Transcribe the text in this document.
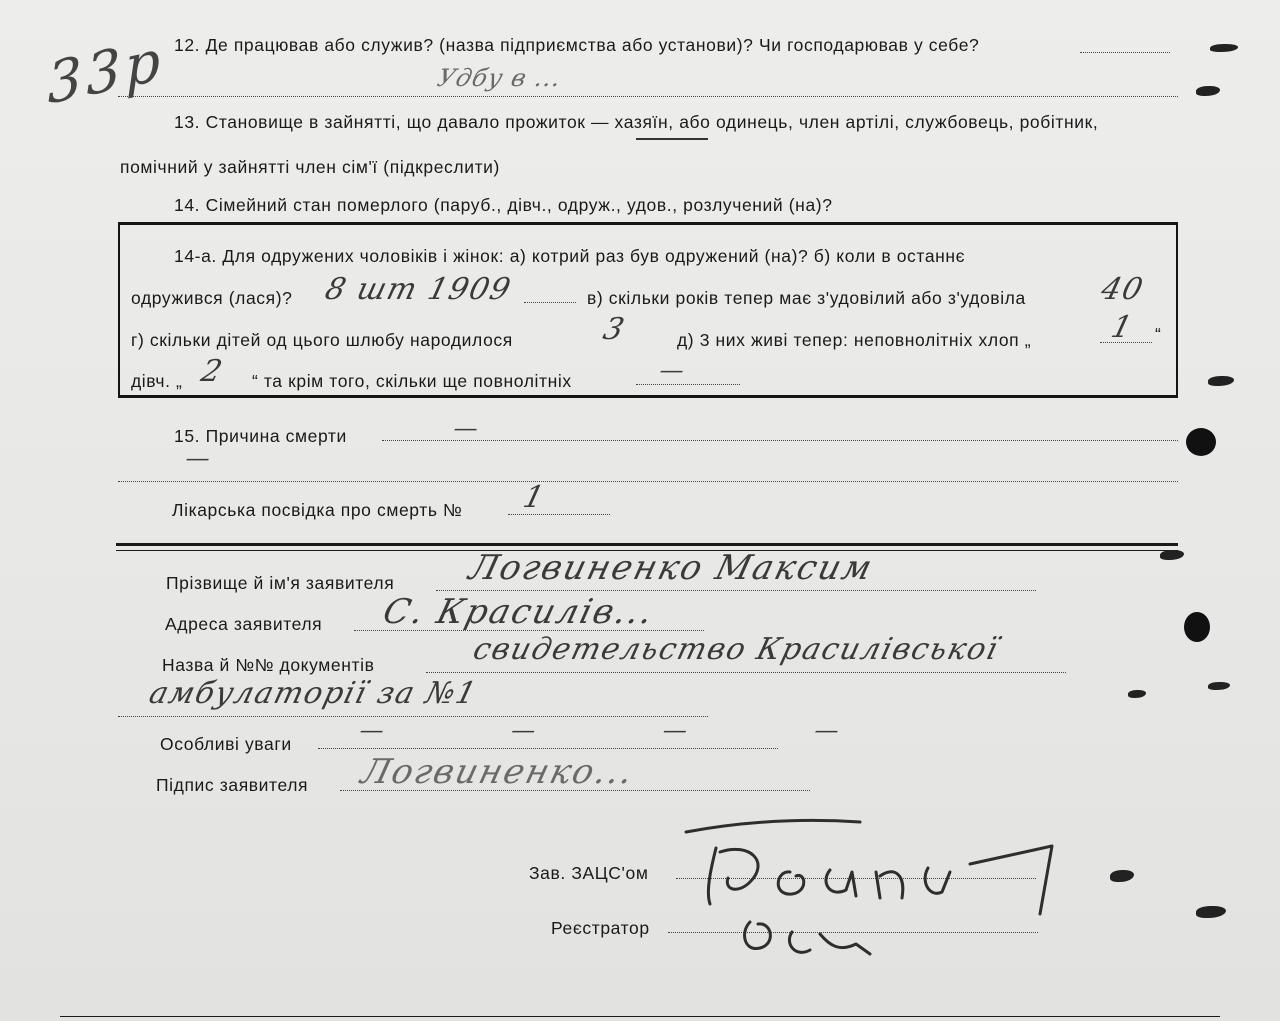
33р 12. Де працював або служив? (назва підприємства або установи)? Чи господарював у себе?
Удбу в ...
13. Становище в зайнятті, що давало прожиток — хазяїн, або одинець, член артілі, службовець, робітник,
помічний у зайнятті член сім'ї (підкреслити)
14. Сімейний стан померлого (паруб., дівч., одруж., удов., розлучений (на)?
14-а. Для одружених чоловіків і жінок: а) котрий раз був одружений (на)? б) коли в останнє
одружився (лася)? 8 шт 1909	в) скільки років тепер має з'удовілий або з'удовіла 40
г) скільки дітей од цього шлюбу народилося	3	д) 3 них живі тепер: неповнолітніх хлоп „	1 “
дівч. „ 2 “ та крім того, скільки ще повнолітніх	—
15. Причина смерти	—
—
Лікарська посвідка про смерть № 1
Прізвище й ім'я заявителя Логвиненко Максим
Адреса заявителя С. Красилів...
Назва й №№ документів	свидетельство Красилівської
амбулаторії за №1
Особливі уваги	— — — —
Підпис заявителя Логвиненко...
Зав. ЗАЦС'ом
Реєстратор
